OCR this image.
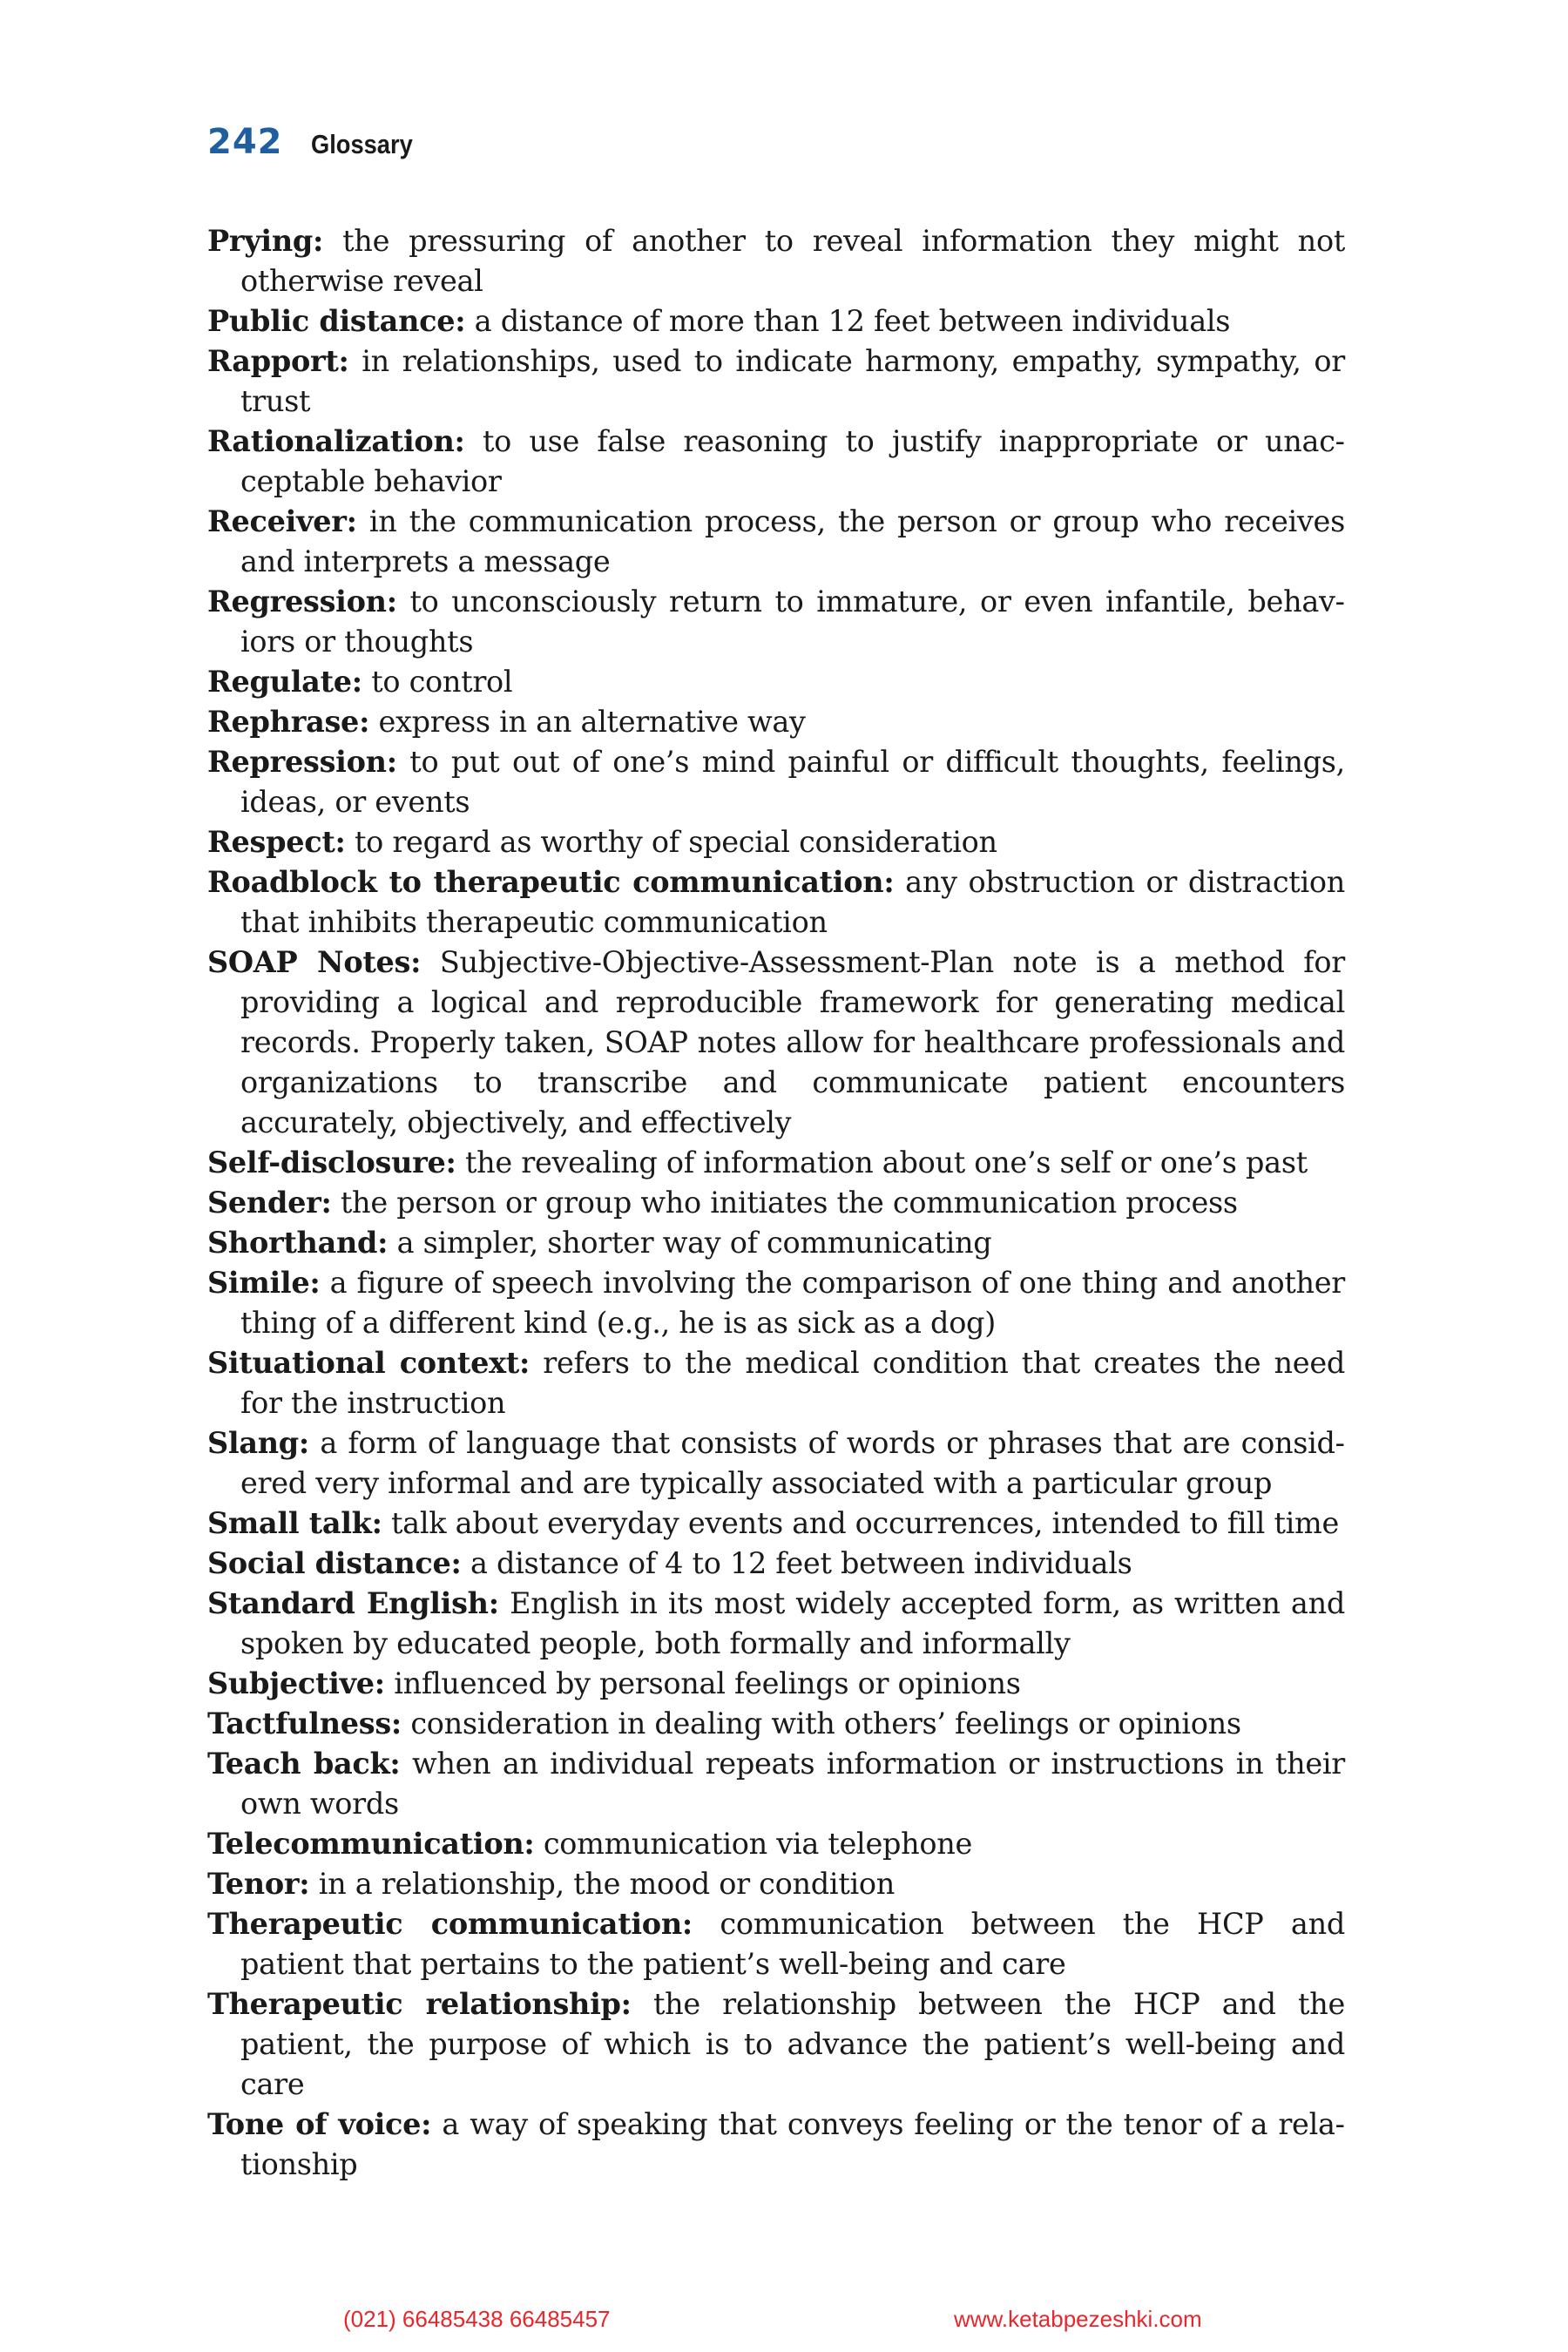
242 Glossary
Prying: the pressuring of another to reveal information they might not otherwise reveal
Public distance: a distance of more than 12 feet between individuals
Rapport: in relationships, used to indicate harmony, empathy, sympathy, or trust
Rationalization: to use false reasoning to justify inappropriate or unacceptable behavior
Receiver: in the communication process, the person or group who receives and interprets a message
Regression: to unconsciously return to immature, or even infantile, behaviors or thoughts
Regulate: to control
Rephrase: express in an alternative way
Repression: to put out of one’s mind painful or difficult thoughts, feelings, ideas, or events
Respect: to regard as worthy of special consideration
Roadblock to therapeutic communication: any obstruction or distraction that inhibits therapeutic communication
SOAP Notes: Subjective-Objective-Assessment-Plan note is a method for providing a logical and reproducible framework for generating medical records. Properly taken, SOAP notes allow for healthcare professionals and organizations to transcribe and communicate patient encounters accurately, objectively, and effectively
Self-disclosure: the revealing of information about one’s self or one’s past
Sender: the person or group who initiates the communication process
Shorthand: a simpler, shorter way of communicating
Simile: a figure of speech involving the comparison of one thing and another thing of a different kind (e.g., he is as sick as a dog)
Situational context: refers to the medical condition that creates the need for the instruction
Slang: a form of language that consists of words or phrases that are considered very informal and are typically associated with a particular group
Small talk: talk about everyday events and occurrences, intended to fill time
Social distance: a distance of 4 to 12 feet between individuals
Standard English: English in its most widely accepted form, as written and spoken by educated people, both formally and informally
Subjective: influenced by personal feelings or opinions
Tactfulness: consideration in dealing with others’ feelings or opinions
Teach back: when an individual repeats information or instructions in their own words
Telecommunication: communication via telephone
Tenor: in a relationship, the mood or condition
Therapeutic communication: communication between the HCP and patient that pertains to the patient’s well-being and care
Therapeutic relationship: the relationship between the HCP and the patient, the purpose of which is to advance the patient’s well-being and care
Tone of voice: a way of speaking that conveys feeling or the tenor of a relationship
(021) 66485438 66485457	www.ketabpezeshki.com
